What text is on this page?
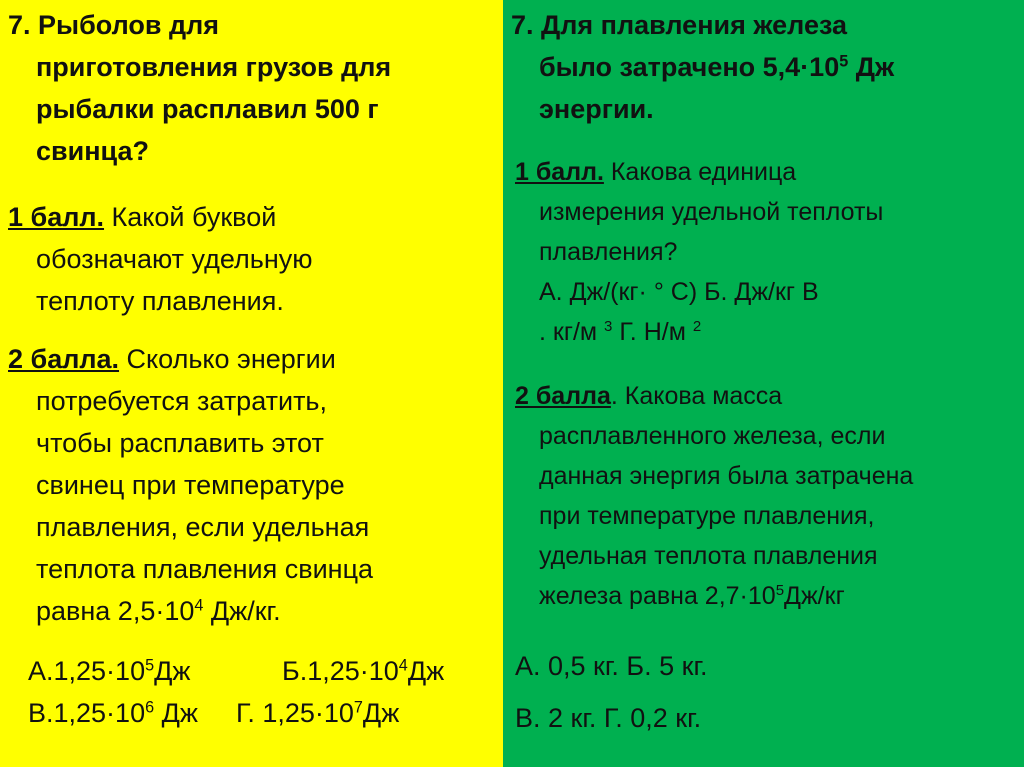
7. Рыболов для
приготовления грузов для
рыбалки расплавил 500 г
свинца?
1 балл. Какой буквой
обозначают удельную
теплоту плавления.
2 балла. Сколько энергии
потребуется затратить,
чтобы расплавить этот
свинец при температуре
плавления, если удельная
теплота плавления свинца
равна $2,5\cdot 10^4$ Дж/кг.
$А.1,25\cdot 10^5Дж$	$Б.1,25\cdot 10^4Дж$
$В.1,25\cdot 10^6$ Дж Г. $1,25\cdot 10^7Дж$
7. Для плавления железа
было затрачено $5,4\cdot 10^5$ Дж
энергии.
1 балл. Какова единица
измерения удельной теплоты
плавления?
А. Дж/(кг· ° С) Б. Дж/кг В
. кг/м $^3$ Г. Н/м $^2$
2 балла. Какова масса
расплавленного железа, если
данная энергия была затрачена
при температуре плавления,
удельная теплота плавления
железа равна $2,7\cdot 10^5Дж/кг$
А. 0,5 кг. Б. 5 кг.
В. 2 кг. Г. 0,2 кг.
